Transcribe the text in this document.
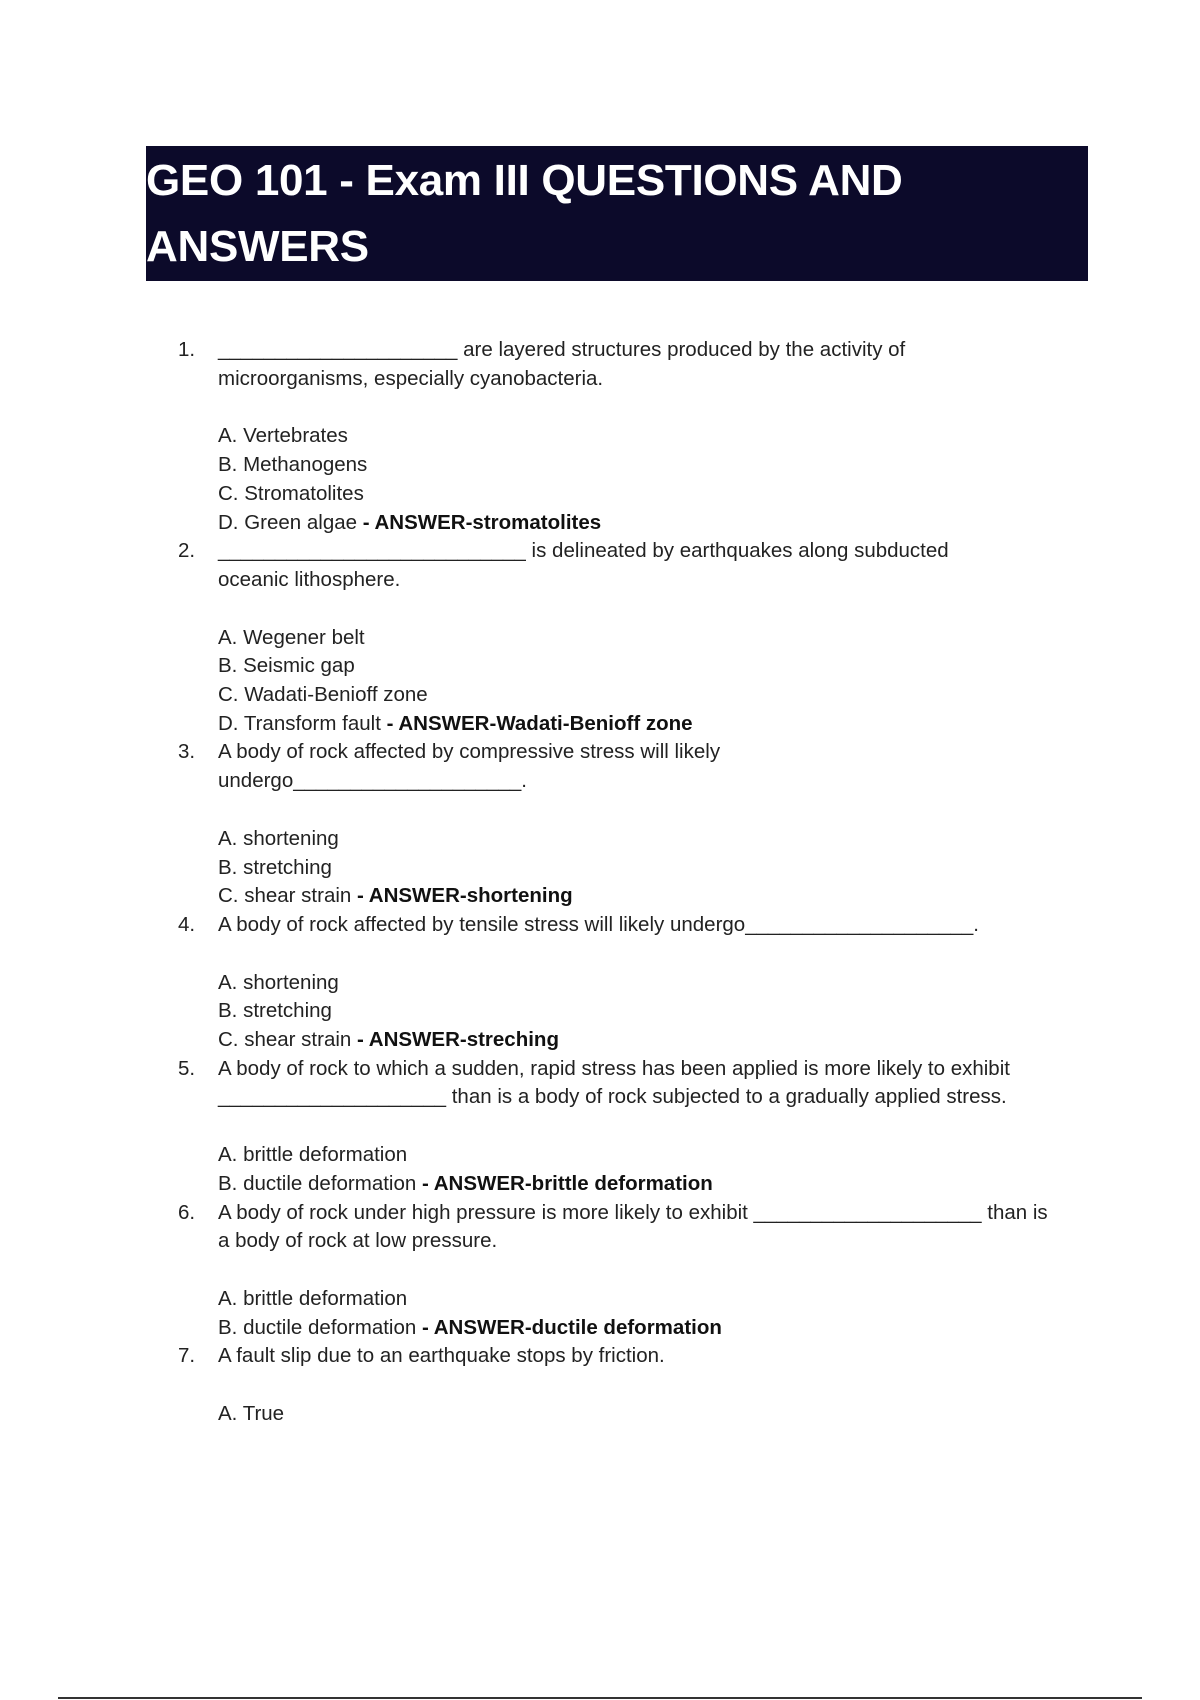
GEO 101 - Exam III QUESTIONS AND ANSWERS
1. _____________________ are layered structures produced by the activity of microorganisms, especially cyanobacteria.

A. Vertebrates
B. Methanogens
C. Stromatolites
D. Green algae - ANSWER-stromatolites
2. ___________________________ is delineated by earthquakes along subducted oceanic lithosphere.

A. Wegener belt
B. Seismic gap
C. Wadati-Benioff zone
D. Transform fault - ANSWER-Wadati-Benioff zone
3. A body of rock affected by compressive stress will likely undergo____________________.

A. shortening
B. stretching
C. shear strain - ANSWER-shortening
4. A body of rock affected by tensile stress will likely undergo____________________.

A. shortening
B. stretching
C. shear strain - ANSWER-streching
5. A body of rock to which a sudden, rapid stress has been applied is more likely to exhibit ____________________ than is a body of rock subjected to a gradually applied stress.

A. brittle deformation
B. ductile deformation - ANSWER-brittle deformation
6. A body of rock under high pressure is more likely to exhibit ____________________ than is a body of rock at low pressure.

A. brittle deformation
B. ductile deformation - ANSWER-ductile deformation
7. A fault slip due to an earthquake stops by friction.

A. True
